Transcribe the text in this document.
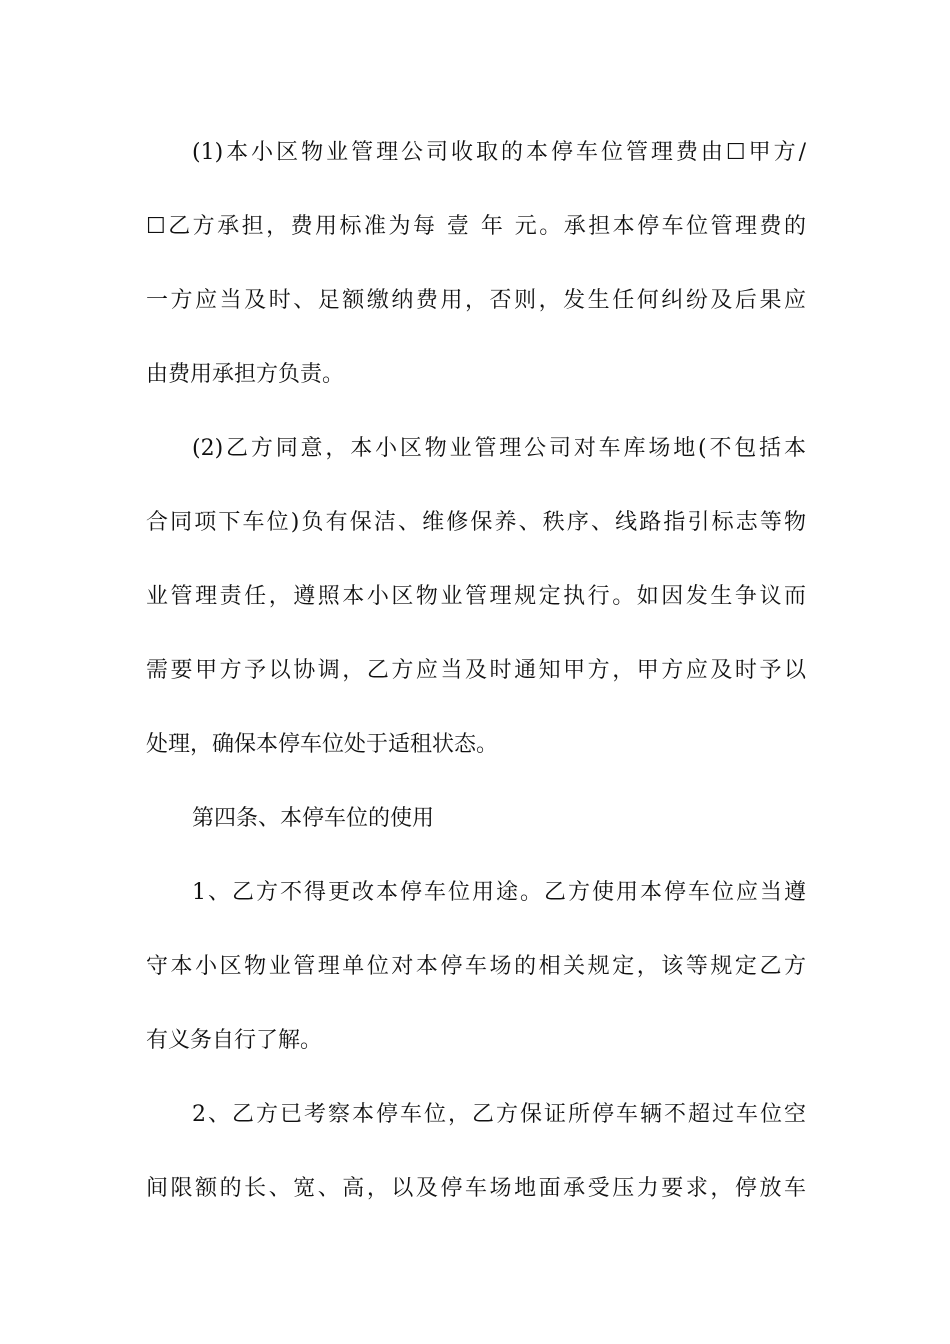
(1)本小区物业管理公司收取的本停车位管理费由☐甲方/
☐乙方承担，费用标准为每 壹 年 元。承担本停车位管理费的
一方应当及时、足额缴纳费用，否则，发生任何纠纷及后果应
由费用承担方负责。
(2)乙方同意，本小区物业管理公司对车库场地(不包括本
合同项下车位)负有保洁、维修保养、秩序、线路指引标志等物
业管理责任，遵照本小区物业管理规定执行。如因发生争议而
需要甲方予以协调，乙方应当及时通知甲方，甲方应及时予以
处理，确保本停车位处于适租状态。
第四条、本停车位的使用
1、乙方不得更改本停车位用途。乙方使用本停车位应当遵
守本小区物业管理单位对本停车场的相关规定，该等规定乙方
有义务自行了解。
2、乙方已考察本停车位，乙方保证所停车辆不超过车位空
间限额的长、宽、高，以及停车场地面承受压力要求，停放车
